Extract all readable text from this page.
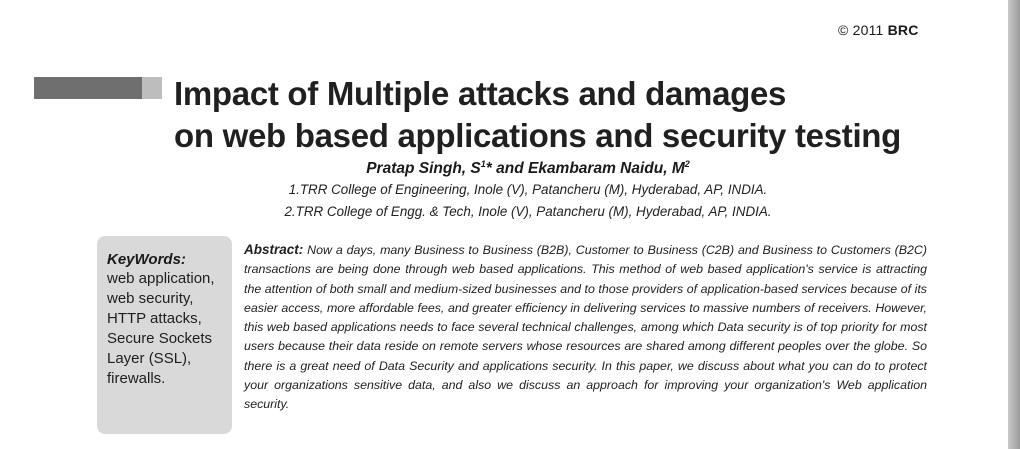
© 2011 BRC
Impact of Multiple attacks and damages
on web based applications and security testing
Pratap Singh, $S^1*$ and Ekambaram Naidu, $M^2$
1.TRR College of Engineering, Inole (V), Patancheru (M), Hyderabad, AP, INDIA.
2.TRR College of Engg. & Tech, Inole (V), Patancheru (M), Hyderabad, AP, INDIA.
KeyWords:
web application,
web security,
HTTP attacks,
Secure Sockets
Layer (SSL),
firewalls.

Abstract: Now a days, many Business to Business (B2B), Customer to Business (C2B) and Business to Customers (B2C) transactions are being done through web based applications. This method of web based application's service is attracting the attention of both small and medium-sized businesses and to those providers of application-based services because of its easier access, more affordable fees, and greater efficiency in delivering services to massive numbers of receivers. However, this web based applications needs to face several technical challenges, among which Data security is of top priority for most users because their data reside on remote servers whose resources are shared among different peoples over the globe. So there is a great need of Data Security and applications security. In this paper, we discuss about what you can do to protect your organizations sensitive data, and also we discuss an approach for improving your organization's Web application security.
